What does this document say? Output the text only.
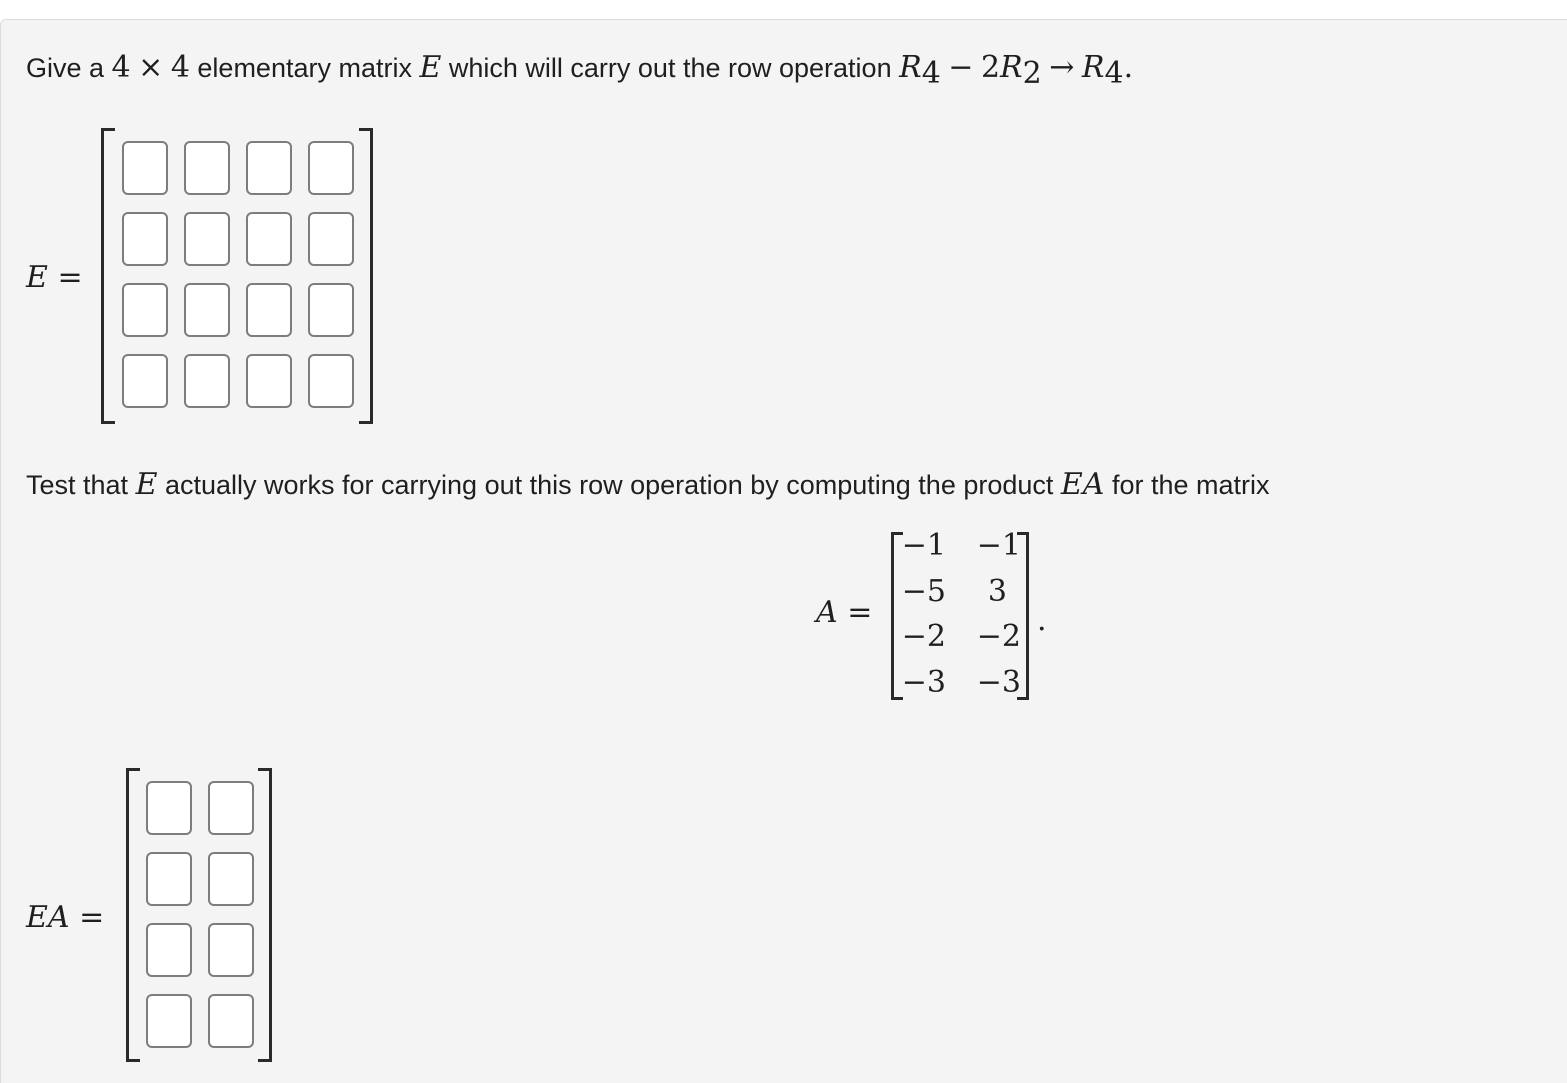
Give a 4 × 4 elementary matrix E which will carry out the row operation $R_4 - 2R_2 \to R_4$.
E =
Test that E actually works for carrying out this row operation by computing the product EA for the matrix
A =
−1	−1
−5	3
−2	−2
−3	−3
.
EA =
